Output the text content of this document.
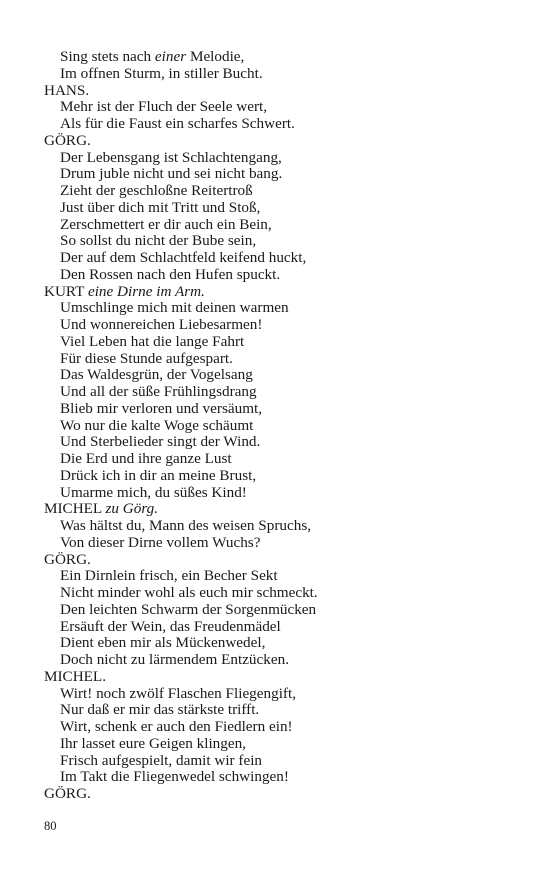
Sing stets nach einer Melodie,
Im offnen Sturm, in stiller Bucht.
HANS.
Mehr ist der Fluch der Seele wert,
Als für die Faust ein scharfes Schwert.
GÖRG.
Der Lebensgang ist Schlachtengang,
Drum juble nicht und sei nicht bang.
Zieht der geschloßne Reitertroß
Just über dich mit Tritt und Stoß,
Zerschmettert er dir auch ein Bein,
So sollst du nicht der Bube sein,
Der auf dem Schlachtfeld keifend huckt,
Den Rossen nach den Hufen spuckt.
KURT eine Dirne im Arm.
Umschlinge mich mit deinen warmen
Und wonnereichen Liebesarmen!
Viel Leben hat die lange Fahrt
Für diese Stunde aufgespart.
Das Waldesgrün, der Vogelsang
Und all der süße Frühlingsdrang
Blieb mir verloren und versäumt,
Wo nur die kalte Woge schäumt
Und Sterbelieder singt der Wind.
Die Erd und ihre ganze Lust
Drück ich in dir an meine Brust,
Umarme mich, du süßes Kind!
MICHEL zu Görg.
Was hältst du, Mann des weisen Spruchs,
Von dieser Dirne vollem Wuchs?
GÖRG.
Ein Dirnlein frisch, ein Becher Sekt
Nicht minder wohl als euch mir schmeckt.
Den leichten Schwarm der Sorgenmücken
Ersäuft der Wein, das Freudenmädel
Dient eben mir als Mückenwedel,
Doch nicht zu lärmendem Entzücken.
MICHEL.
Wirt! noch zwölf Flaschen Fliegengift,
Nur daß er mir das stärkste trifft.
Wirt, schenk er auch den Fiedlern ein!
Ihr lasset eure Geigen klingen,
Frisch aufgespielt, damit wir fein
Im Takt die Fliegenwedel schwingen!
GÖRG.
80
